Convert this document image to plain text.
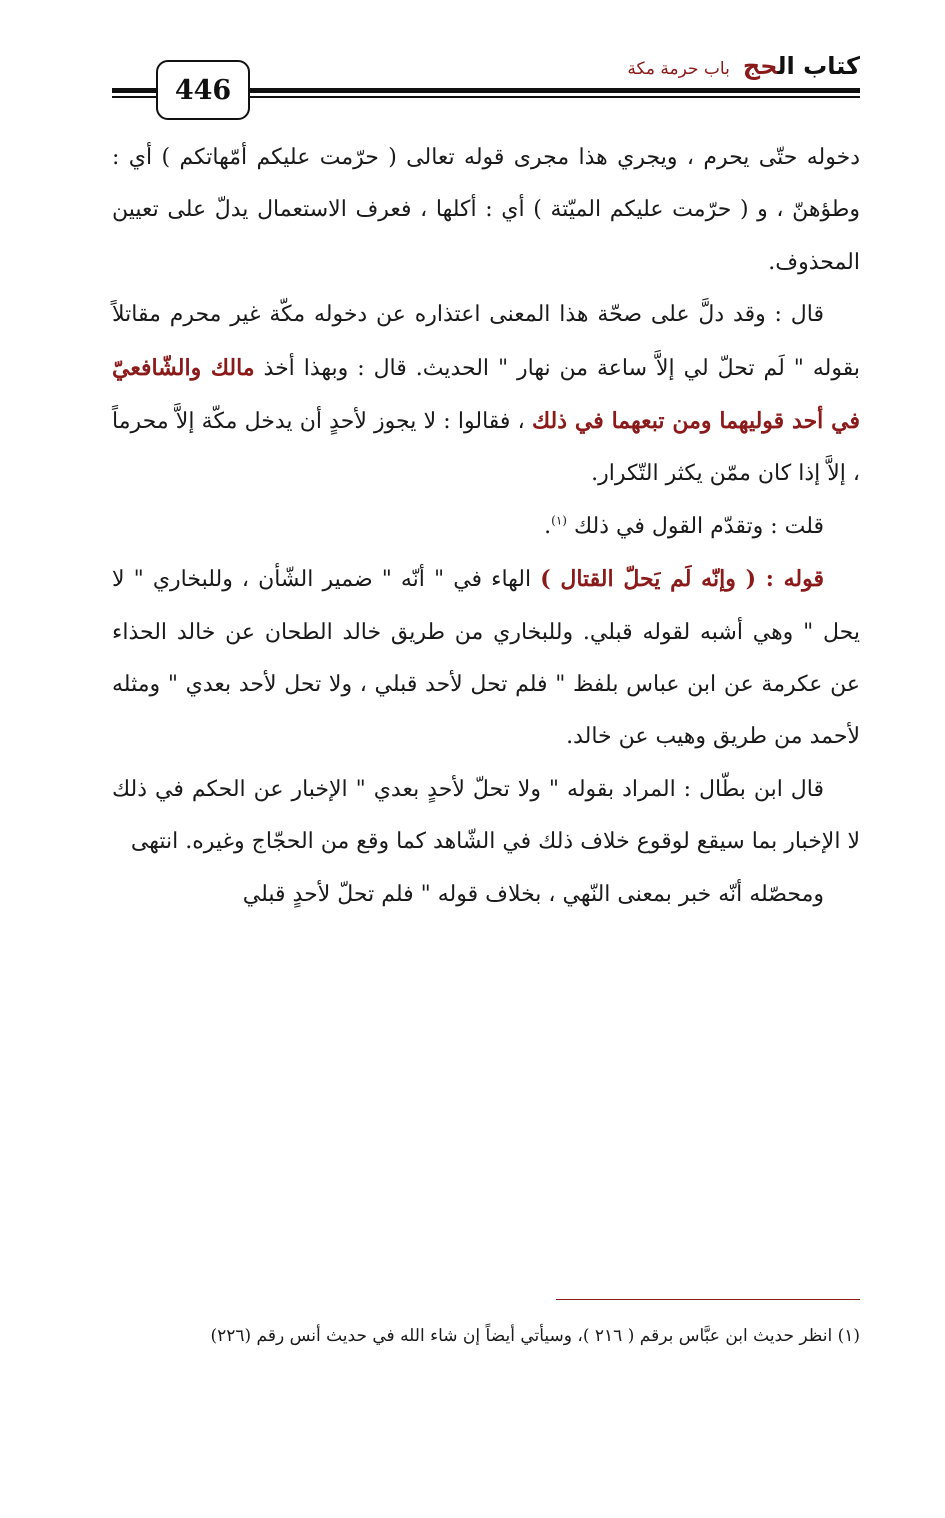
446
كتاب الحج باب حرمة مكة

دخوله حتّى يحرم ، ويجري هذا مجرى قوله تعالى ( حرّمت عليكم أمّهاتكم ) أي : وطؤهنّ ، و ( حرّمت عليكم الميّتة ) أي : أكلها ، فعرف الاستعمال يدلّ على تعيين المحذوف.

قال : وقد دلَّ على صحّة هذا المعنى اعتذاره عن دخوله مكّة غير محرم مقاتلاً بقوله " لَم تحلّ لي إلاَّ ساعة من نهار " الحديث. قال : وبهذا أخذ مالك والشّافعيّ في أحد قوليهما ومن تبعهما في ذلك ، فقالوا : لا يجوز لأحدٍ أن يدخل مكّة إلاَّ محرماً ، إلاَّ إذا كان ممّن يكثر التّكرار.

قلت : وتقدّم القول في ذلك $^{(١)}$.

قوله : ( وإنّه لَم يَحلّ القتال ) الهاء في " أنّه " ضمير الشّأن ، وللبخاري " لا يحل " وهي أشبه لقوله قبلي. وللبخاري من طريق خالد الطحان عن خالد الحذاء عن عكرمة عن ابن عباس بلفظ " فلم تحل لأحد قبلي ، ولا تحل لأحد بعدي " ومثله لأحمد من طريق وهيب عن خالد.

قال ابن بطّال : المراد بقوله " ولا تحلّ لأحدٍ بعدي " الإخبار عن الحكم في ذلك لا الإخبار بما سيقع لوقوع خلاف ذلك في الشّاهد كما وقع من الحجّاج وغيره. انتهى

ومحصّله أنّه خبر بمعنى النّهي ، بخلاف قوله " فلم تحلّ لأحدٍ قبلي

(١) انظر حديث ابن عبَّاس برقم ( ٢١٦ )، وسيأتي أيضاً إن شاء الله في حديث أنس رقم (٢٢٦)
